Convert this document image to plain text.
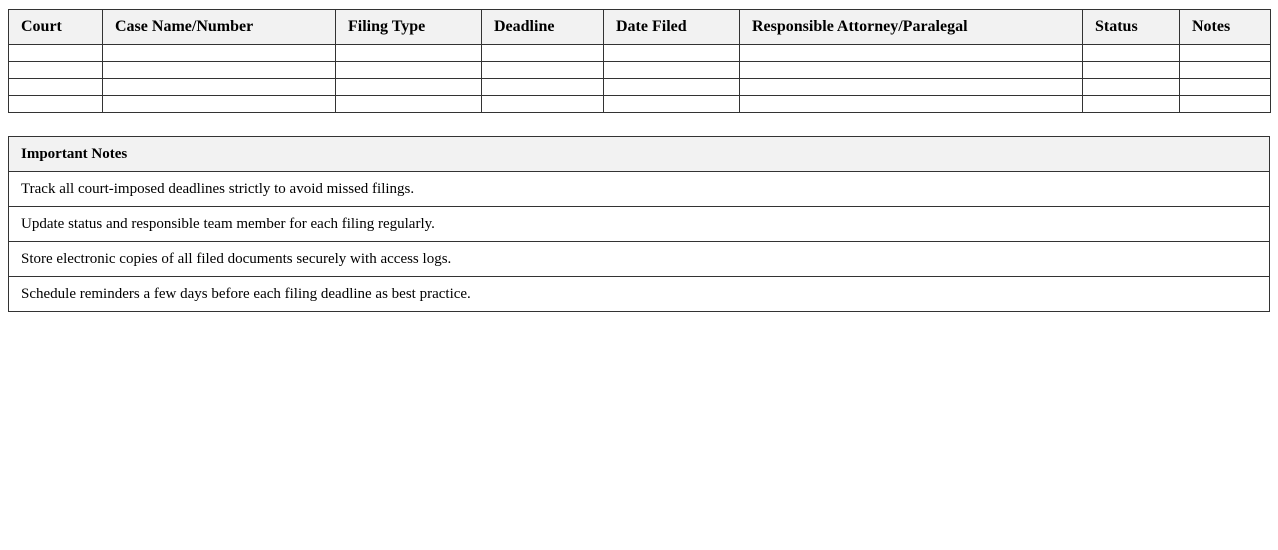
Court	Case Name/Number	Filing Type	Deadline	Date Filed	Responsible Attorney/Paralegal	Status	Notes

Important Notes
Track all court-imposed deadlines strictly to avoid missed filings.
Update status and responsible team member for each filing regularly.
Store electronic copies of all filed documents securely with access logs.
Schedule reminders a few days before each filing deadline as best practice.
